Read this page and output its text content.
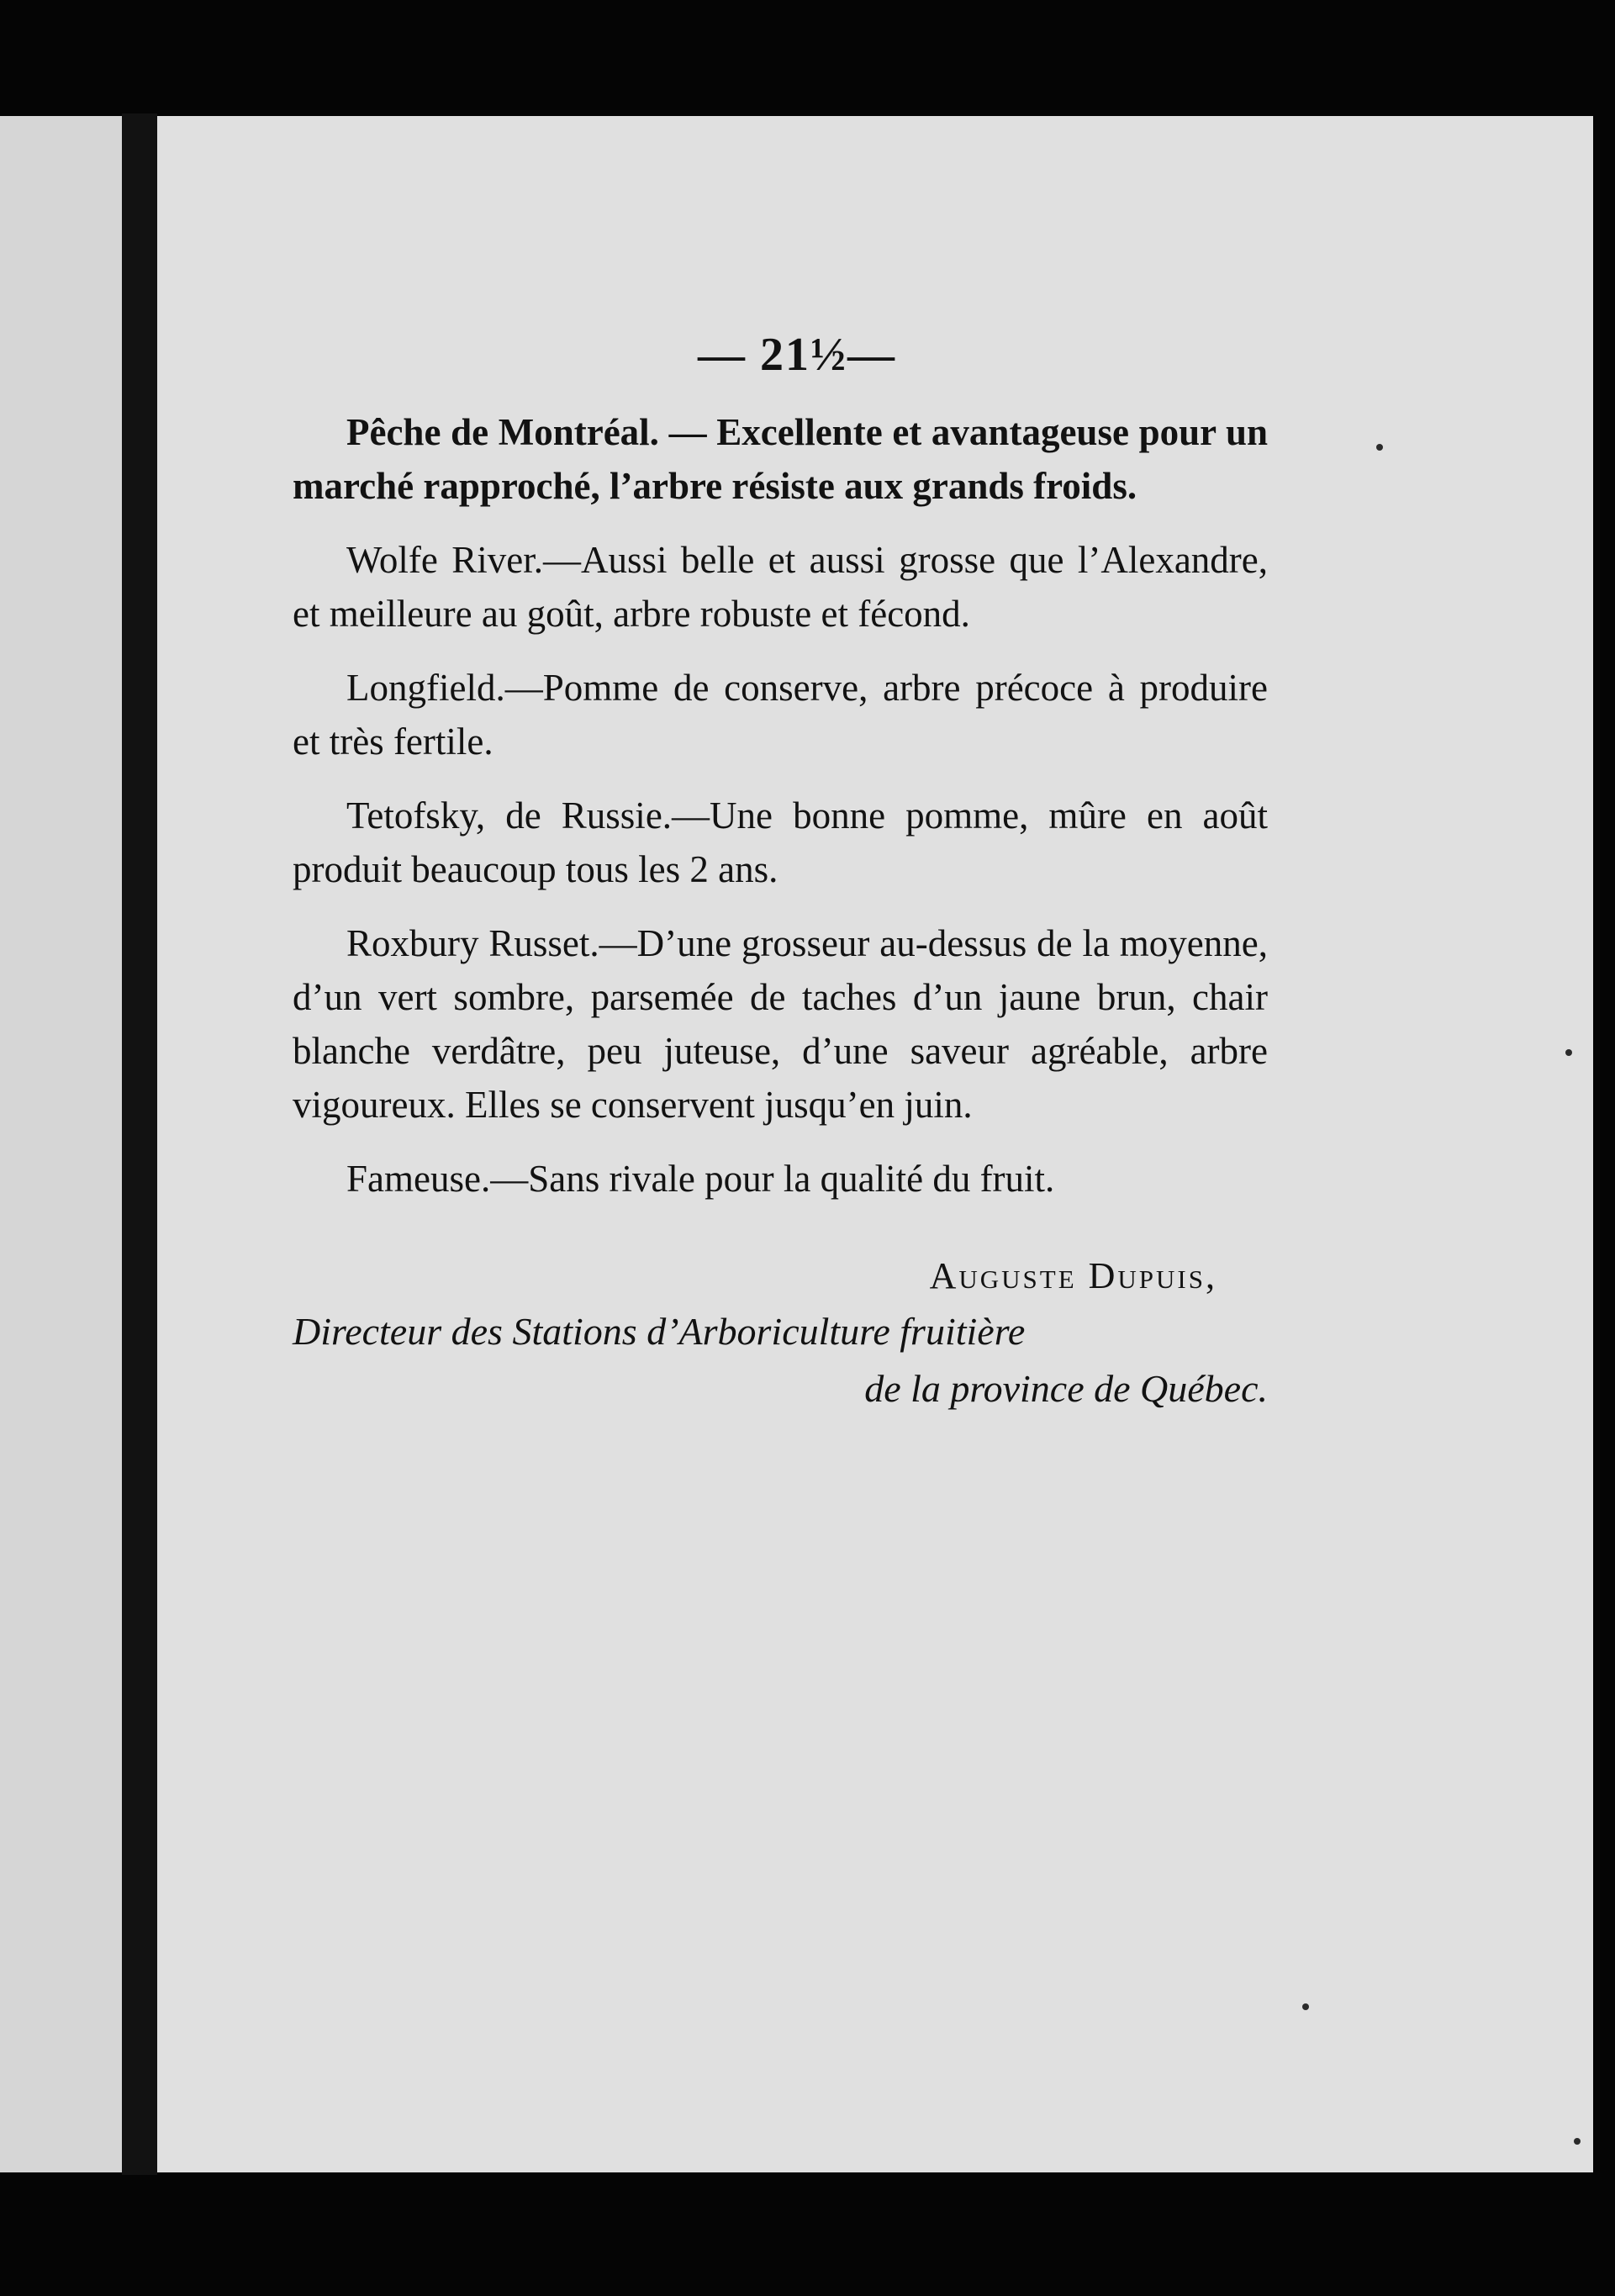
— 21½—

Pêche de Montréal. — Excellente et avantageuse pour un marché rapproché, l’arbre résiste aux grands froids.

Wolfe River.—Aussi belle et aussi grosse que l’Alexandre, et meilleure au goût, arbre robuste et fécond.

Longfield.—Pomme de conserve, arbre précoce à produire et très fertile.

Tetofsky, de Russie.—Une bonne pomme, mûre en août produit beaucoup tous les 2 ans.

Roxbury Russet.—D’une grosseur au-dessus de la moyenne, d’un vert sombre, parsemée de taches d’un jaune brun, chair blanche verdâtre, peu juteuse, d’une saveur agréable, arbre vigoureux. Elles se conservent jusqu’en juin.

Fameuse.—Sans rivale pour la qualité du fruit.

Auguste Dupuis,
Directeur des Stations d’Arboriculture fruitière
de la province de Québec.
